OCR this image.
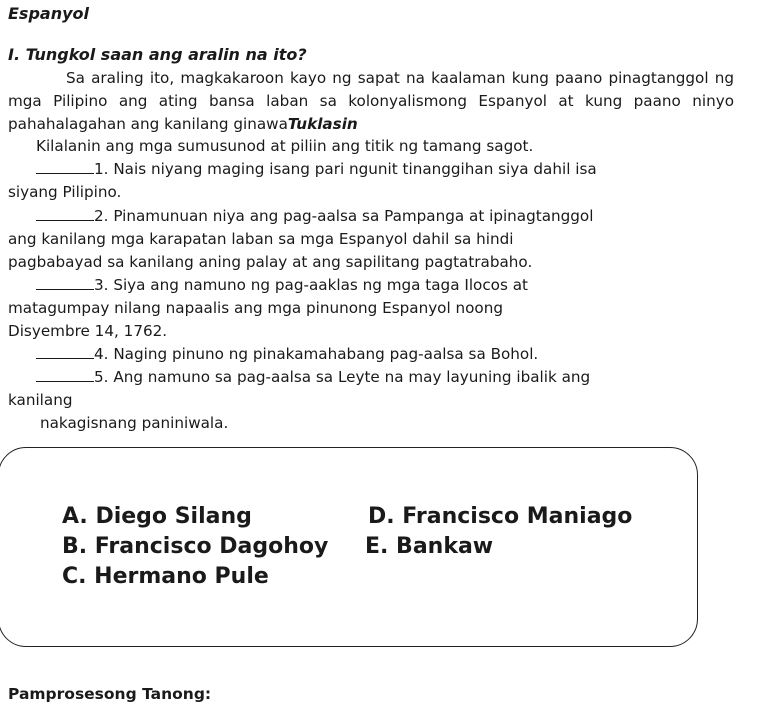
Espanyol

I. Tungkol saan ang aralin na ito?

Sa araling ito, magkakaroon kayo ng sapat na kaalaman kung paano pinagtanggol ng mga Pilipino ang ating bansa laban sa kolonyalismong Espanyol at kung paano ninyo pahahalagahan ang kanilang ginawaTuklasin

Kilalanin ang mga sumusunod at piliin ang titik ng tamang sagot.

1. Nais niyang maging isang pari ngunit tinanggihan siya dahil isa
siyang Pilipino.
2. Pinamunuan niya ang pag-aalsa sa Pampanga at ipinagtanggol
ang kanilang mga karapatan laban sa mga Espanyol dahil sa hindi
pagbabayad sa kanilang aning palay at ang sapilitang pagtatrabaho.
3. Siya ang namuno ng pag-aaklas ng mga taga Ilocos at
matagumpay nilang napaalis ang mga pinunong Espanyol noong
Disyembre 14, 1762.
4. Naging pinuno ng pinakamahabang pag-aalsa sa Bohol.
5. Ang namuno sa pag-aalsa sa Leyte na may layuning ibalik ang
kanilang
nakagisnang paniniwala.
A. Diego Silang	D. Francisco Maniago
B. Francisco Dagohoy E. Bankaw
C. Hermano Pule

Pamprosesong Tanong:
